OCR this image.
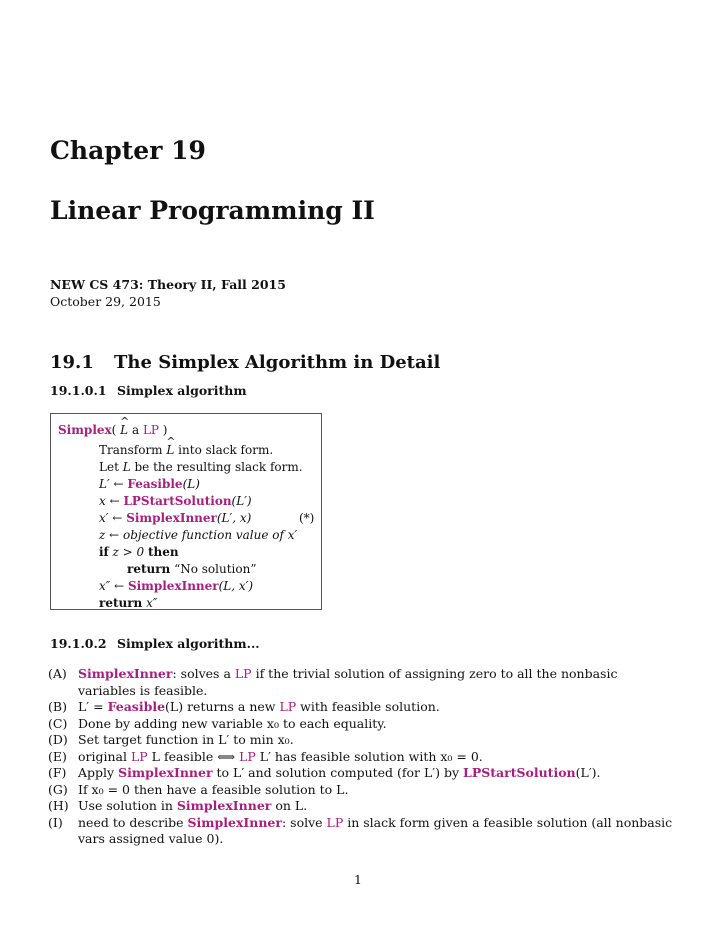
Chapter 19
Linear Programming II
NEW CS 473: Theory II, Fall 2015
October 29, 2015
19.1 The Simplex Algorithm in Detail
19.1.0.1 Simplex algorithm
Simplex( ^ L a LP )
Transform ^ L into slack form.
Let L be the resulting slack form.
L′ ← Feasible(L)
x ← LPStartSolution(L′)
x′ ← SimplexInner(L′, x)	(*)
z ← objective function value of x′
if z > 0 then
return “No solution”
x″ ← SimplexInner(L, x′)
return x″
19.1.0.2 Simplex algorithm...
(A) SimplexInner: solves a LP if the trivial solution of assigning zero to all the nonbasic variables is feasible.
(B) L′ = Feasible(L) returns a new LP with feasible solution.
(C) Done by adding new variable x₀ to each equality.
(D) Set target function in L′ to min x₀.
(E) original LP L feasible ⟺ LP L′ has feasible solution with x₀ = 0.
(F) Apply SimplexInner to L′ and solution computed (for L′) by LPStartSolution(L′).
(G) If x₀ = 0 then have a feasible solution to L.
(H) Use solution in SimplexInner on L.
(I) need to describe SimplexInner: solve LP in slack form given a feasible solution (all nonbasic vars assigned value 0).
1
